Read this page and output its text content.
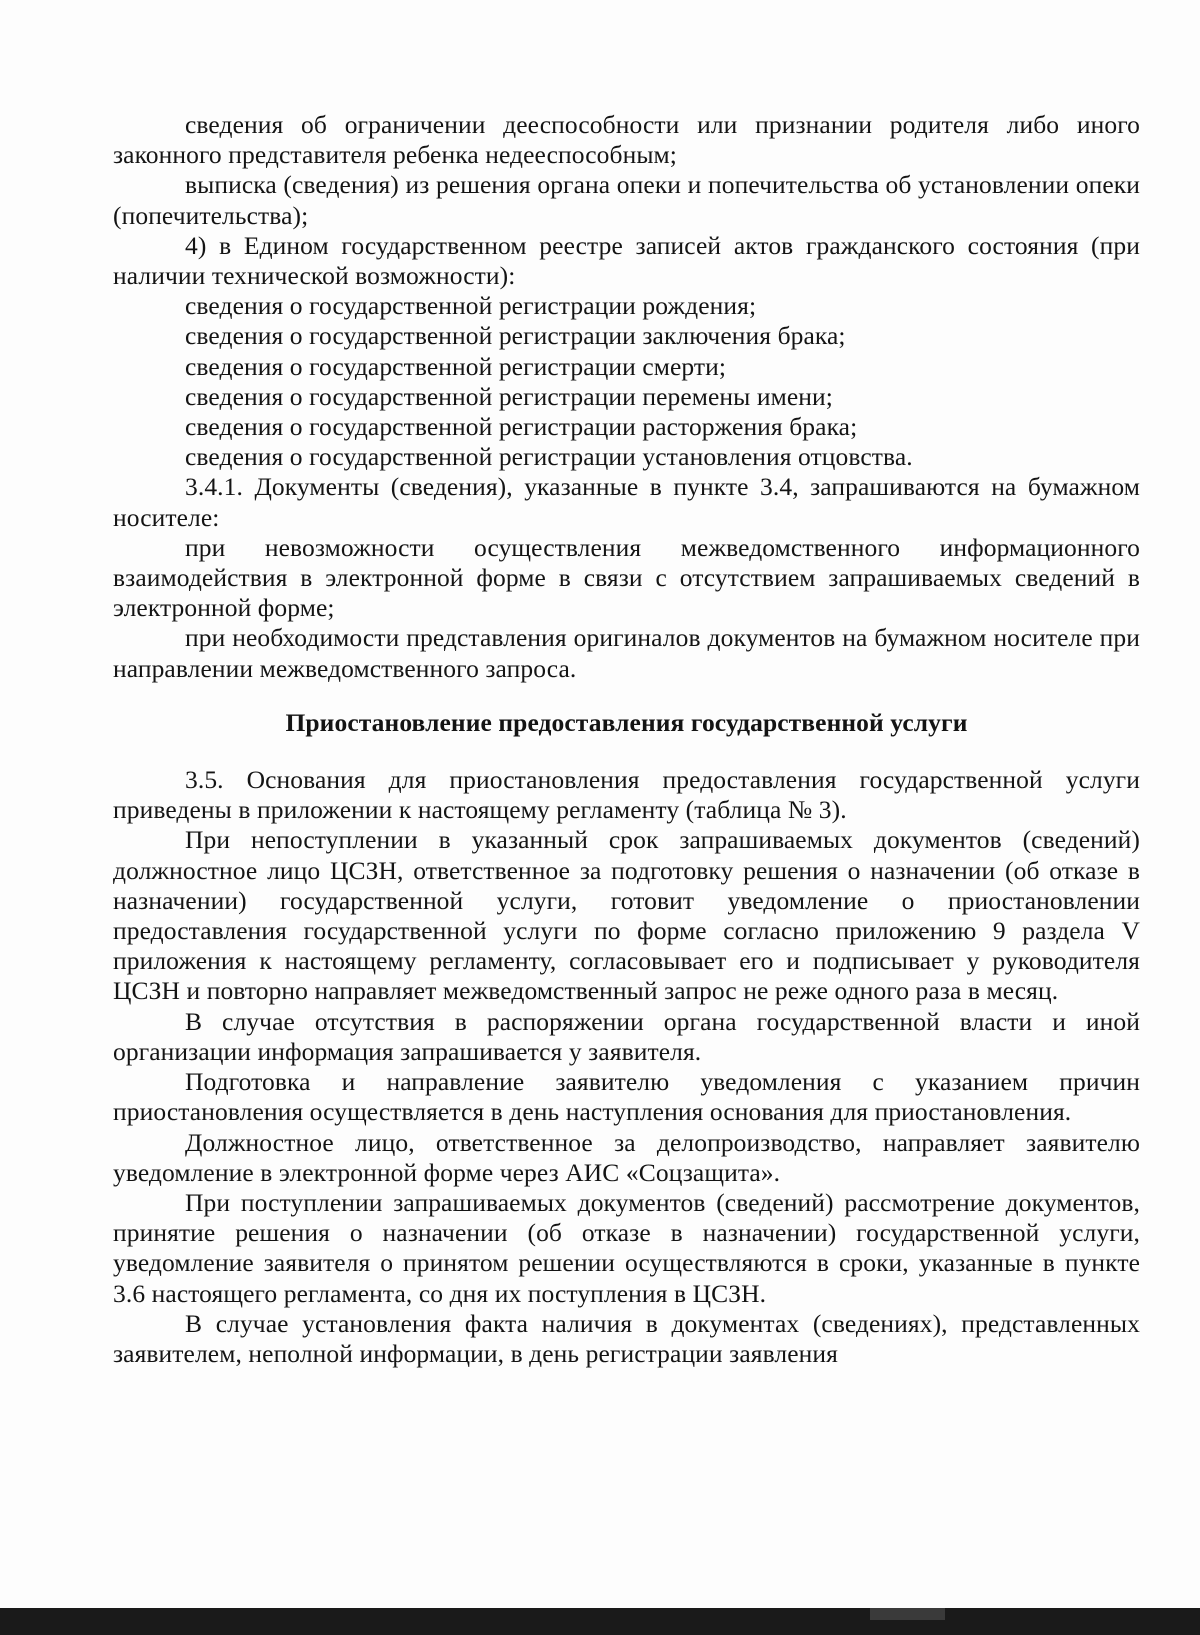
сведения об ограничении дееспособности или признании родителя либо иного законного представителя ребенка недееспособным;

выписка (сведения) из решения органа опеки и попечительства об установлении опеки (попечительства);

4) в Едином государственном реестре записей актов гражданского состояния (при наличии технической возможности):

сведения о государственной регистрации рождения;

сведения о государственной регистрации заключения брака;

сведения о государственной регистрации смерти;

сведения о государственной регистрации перемены имени;

сведения о государственной регистрации расторжения брака;

сведения о государственной регистрации установления отцовства.

3.4.1. Документы (сведения), указанные в пункте 3.4, запрашиваются на бумажном носителе:

при невозможности осуществления межведомственного информационного взаимодействия в электронной форме в связи с отсутствием запрашиваемых сведений в электронной форме;

при необходимости представления оригиналов документов на бумажном носителе при направлении межведомственного запроса.

Приостановление предоставления государственной услуги

3.5. Основания для приостановления предоставления государственной услуги приведены в приложении к настоящему регламенту (таблица № 3).

При непоступлении в указанный срок запрашиваемых документов (сведений) должностное лицо ЦСЗН, ответственное за подготовку решения о назначении (об отказе в назначении) государственной услуги, готовит уведомление о приостановлении предоставления государственной услуги по форме согласно приложению 9 раздела V приложения к настоящему регламенту, согласовывает его и подписывает у руководителя ЦСЗН и повторно направляет межведомственный запрос не реже одного раза в месяц.

В случае отсутствия в распоряжении органа государственной власти и иной организации информация запрашивается у заявителя.

Подготовка и направление заявителю уведомления с указанием причин приостановления осуществляется в день наступления основания для приостановления.

Должностное лицо, ответственное за делопроизводство, направляет заявителю уведомление в электронной форме через АИС «Соцзащита».

При поступлении запрашиваемых документов (сведений) рассмотрение документов, принятие решения о назначении (об отказе в назначении) государственной услуги, уведомление заявителя о принятом решении осуществляются в сроки, указанные в пункте 3.6 настоящего регламента, со дня их поступления в ЦСЗН.

В случае установления факта наличия в документах (сведениях), представленных заявителем, неполной информации, в день регистрации заявления
